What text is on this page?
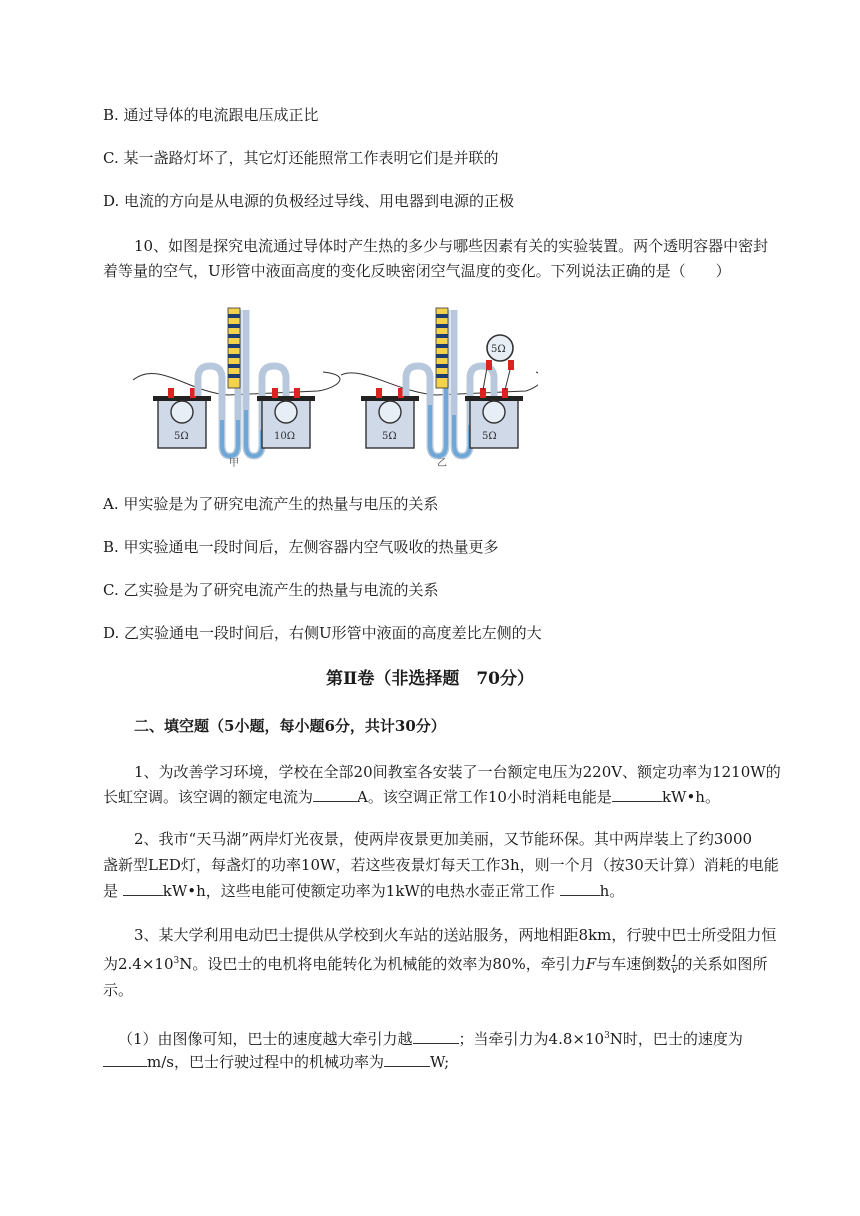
B. 通过导体的电流跟电压成正比
C. 某一盏路灯坏了，其它灯还能照常工作表明它们是并联的
D. 电流的方向是从电源的负极经过导线、用电器到电源的正极
10、如图是探究电流通过导体时产生热的多少与哪些因素有关的实验装置。两个透明容器中密封
着等量的空气，U形管中液面高度的变化反映密闭空气温度的变化。下列说法正确的是（　　）
5Ω	10Ω
甲
5Ω	5Ω
5Ω
乙
A. 甲实验是为了研究电流产生的热量与电压的关系
B. 甲实验通电一段时间后，左侧容器内空气吸收的热量更多
C. 乙实验是为了研究电流产生的热量与电流的关系
D. 乙实验通电一段时间后，右侧U形管中液面的高度差比左侧的大
第Ⅱ卷（非选择题　70分）
二、填空题（5小题，每小题6分，共计30分）
1、为改善学习环境，学校在全部20间教室各安装了一台额定电压为220V、额定功率为1210W的
长虹空调。该空调的额定电流为	A。该空调正常工作10小时消耗电能是	kW•h。
2、我市“天马湖”两岸灯光夜景，使两岸夜景更加美丽，又节能环保。其中两岸装上了约3000
盏新型LED灯，每盏灯的功率10W，若这些夜景灯每天工作3h，则一个月（按30天计算）消耗的电能
是	kW•h，这些电能可使额定功率为1kW的电热水壶正常工作	h。
3、某大学利用电动巴士提供从学校到火车站的送站服务，两地相距8km，行驶中巴士所受阻力恒
为$2.4\times 10^3N$。设巴士的电机将电能转化为机械能的效率为80%，牵引力F与车速倒数 $\frac{1}{v}$ 的关系如图所
示。
（1）由图像可知，巴士的速度越大牵引力越	；当牵引力为$4.8\times 10^3N$时，巴士的速度为
m/s，巴士行驶过程中的机械功率为	W;
